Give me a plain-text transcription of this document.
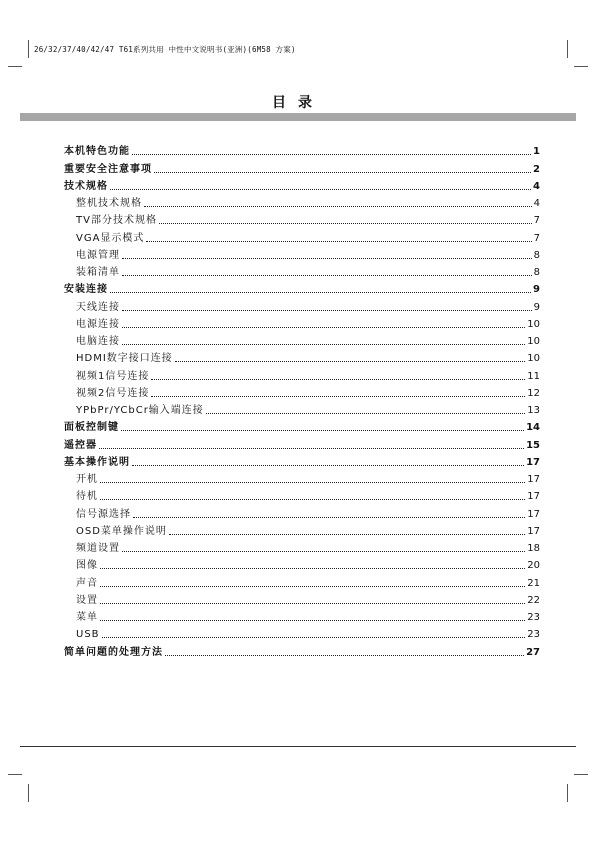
26/32/37/40/42/47 T61系列共用 中性中文说明书(亚洲)(6M58 方案)
目录
本机特色功能	1
重要安全注意事项	2
技术规格	4
整机技术规格	4
TV部分技术规格	7
VGA显示模式	7
电源管理	8
装箱清单	8
安装连接	9
天线连接	9
电源连接	10
电脑连接	10
HDMI数字接口连接	10
视频1信号连接	11
视频2信号连接	12
YPbPr/YCbCr输入端连接	13
面板控制键	14
遥控器	15
基本操作说明	17
开机	17
待机	17
信号源选择	17
OSD菜单操作说明	17
频道设置	18
图像	20
声音	21
设置	22
菜单	23
USB	23
简单问题的处理方法	27
